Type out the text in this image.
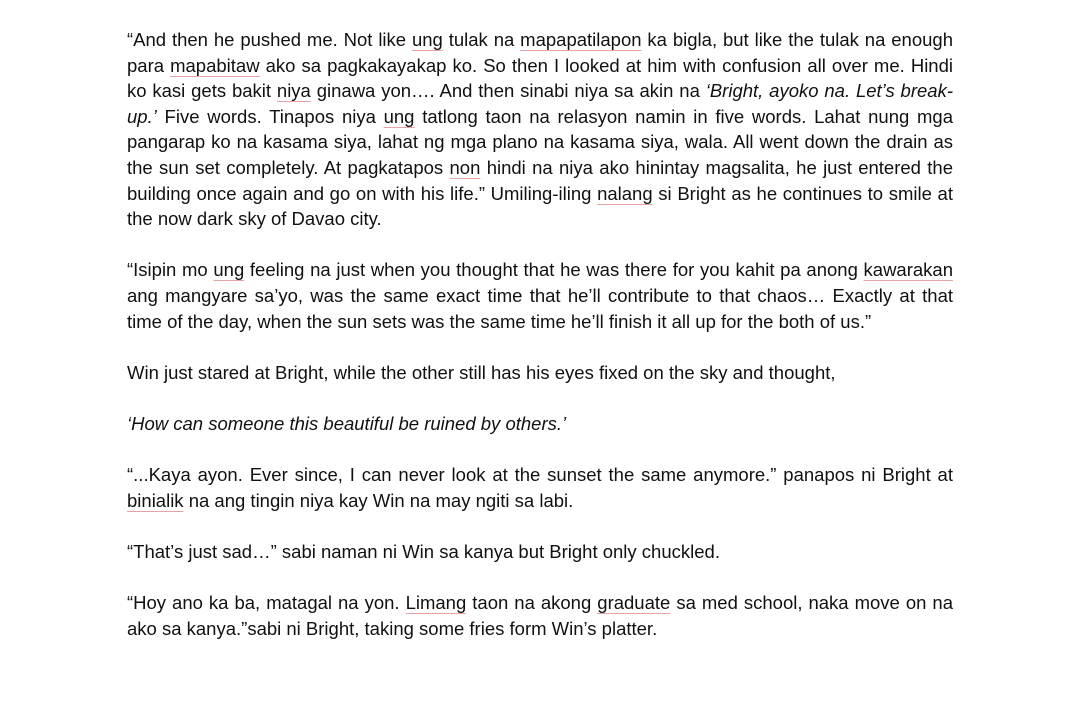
“And then he pushed me. Not like ung tulak na mapapatilapon ka bigla, but like the tulak na enough para mapabitaw ako sa pagkakayakap ko. So then I looked at him with confusion all over me. Hindi ko kasi gets bakit niya ginawa yon…. And then sinabi niya sa akin na ‘Bright, ayoko na. Let’s break-up.’ Five words. Tinapos niya ung tatlong taon na relasyon namin in five words. Lahat nung mga pangarap ko na kasama siya, lahat ng mga plano na kasama siya, wala. All went down the drain as the sun set completely. At pagkatapos non hindi na niya ako hinintay magsalita, he just entered the building once again and go on with his life.” Umiling-iling nalang si Bright as he continues to smile at the now dark sky of Davao city.

“Isipin mo ung feeling na just when you thought that he was there for you kahit pa anong kawarakan ang mangyare sa’yo, was the same exact time that he’ll contribute to that chaos… Exactly at that time of the day, when the sun sets was the same time he’ll finish it all up for the both of us.”

Win just stared at Bright, while the other still has his eyes fixed on the sky and thought,

‘How can someone this beautiful be ruined by others.’

“...Kaya ayon. Ever since, I can never look at the sunset the same anymore.” panapos ni Bright at binialik na ang tingin niya kay Win na may ngiti sa labi.

“That’s just sad…” sabi naman ni Win sa kanya but Bright only chuckled.

“Hoy ano ka ba, matagal na yon. Limang taon na akong graduate sa med school, naka move on na ako sa kanya.”sabi ni Bright, taking some fries form Win’s platter.
